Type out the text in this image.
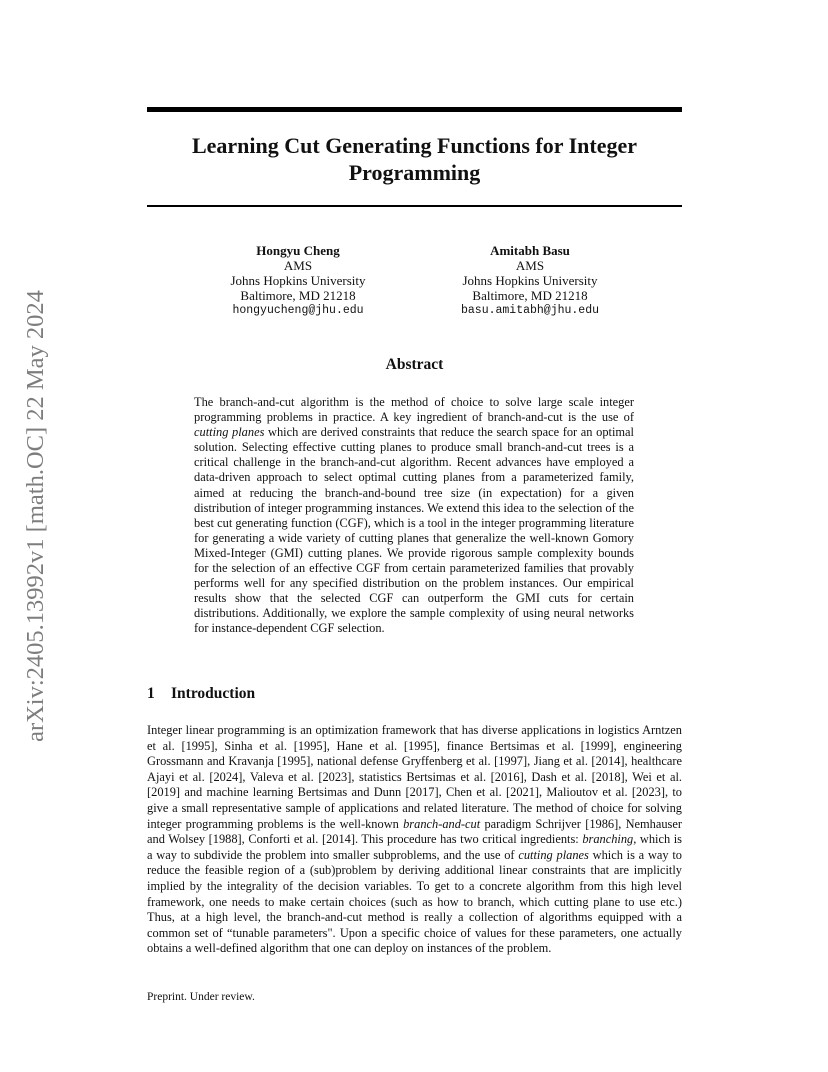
arXiv:2405.13992v1 [math.OC] 22 May 2024
Learning Cut Generating Functions for Integer Programming
Hongyu Cheng
AMS
Johns Hopkins University
Baltimore, MD 21218
hongyucheng@jhu.edu
Amitabh Basu
AMS
Johns Hopkins University
Baltimore, MD 21218
basu.amitabh@jhu.edu
Abstract

The branch-and-cut algorithm is the method of choice to solve large scale integer programming problems in practice. A key ingredient of branch-and-cut is the use of cutting planes which are derived constraints that reduce the search space for an optimal solution. Selecting effective cutting planes to produce small branch-and-cut trees is a critical challenge in the branch-and-cut algorithm. Recent advances have employed a data-driven approach to select optimal cutting planes from a parameterized family, aimed at reducing the branch-and-bound tree size (in expectation) for a given distribution of integer programming instances. We extend this idea to the selection of the best cut generating function (CGF), which is a tool in the integer programming literature for generating a wide variety of cutting planes that generalize the well-known Gomory Mixed-Integer (GMI) cutting planes. We provide rigorous sample complexity bounds for the selection of an effective CGF from certain parameterized families that provably performs well for any specified distribution on the problem instances. Our empirical results show that the selected CGF can outperform the GMI cuts for certain distributions. Additionally, we explore the sample complexity of using neural networks for instance-dependent CGF selection.

1 Introduction

Integer linear programming is an optimization framework that has diverse applications in logistics Arntzen et al. [1995], Sinha et al. [1995], Hane et al. [1995], finance Bertsimas et al. [1999], engineering Grossmann and Kravanja [1995], national defense Gryffenberg et al. [1997], Jiang et al. [2014], healthcare Ajayi et al. [2024], Valeva et al. [2023], statistics Bertsimas et al. [2016], Dash et al. [2018], Wei et al. [2019] and machine learning Bertsimas and Dunn [2017], Chen et al. [2021], Malioutov et al. [2023], to give a small representative sample of applications and related literature. The method of choice for solving integer programming problems is the well-known branch-and-cut paradigm Schrijver [1986], Nemhauser and Wolsey [1988], Conforti et al. [2014]. This procedure has two critical ingredients: branching, which is a way to subdivide the problem into smaller subproblems, and the use of cutting planes which is a way to reduce the feasible region of a (sub)problem by deriving additional linear constraints that are implicitly implied by the integrality of the decision variables. To get to a concrete algorithm from this high level framework, one needs to make certain choices (such as how to branch, which cutting plane to use etc.) Thus, at a high level, the branch-and-cut method is really a collection of algorithms equipped with a common set of “tunable parameters". Upon a specific choice of values for these parameters, one actually obtains a well-defined algorithm that one can deploy on instances of the problem.

Preprint. Under review.
